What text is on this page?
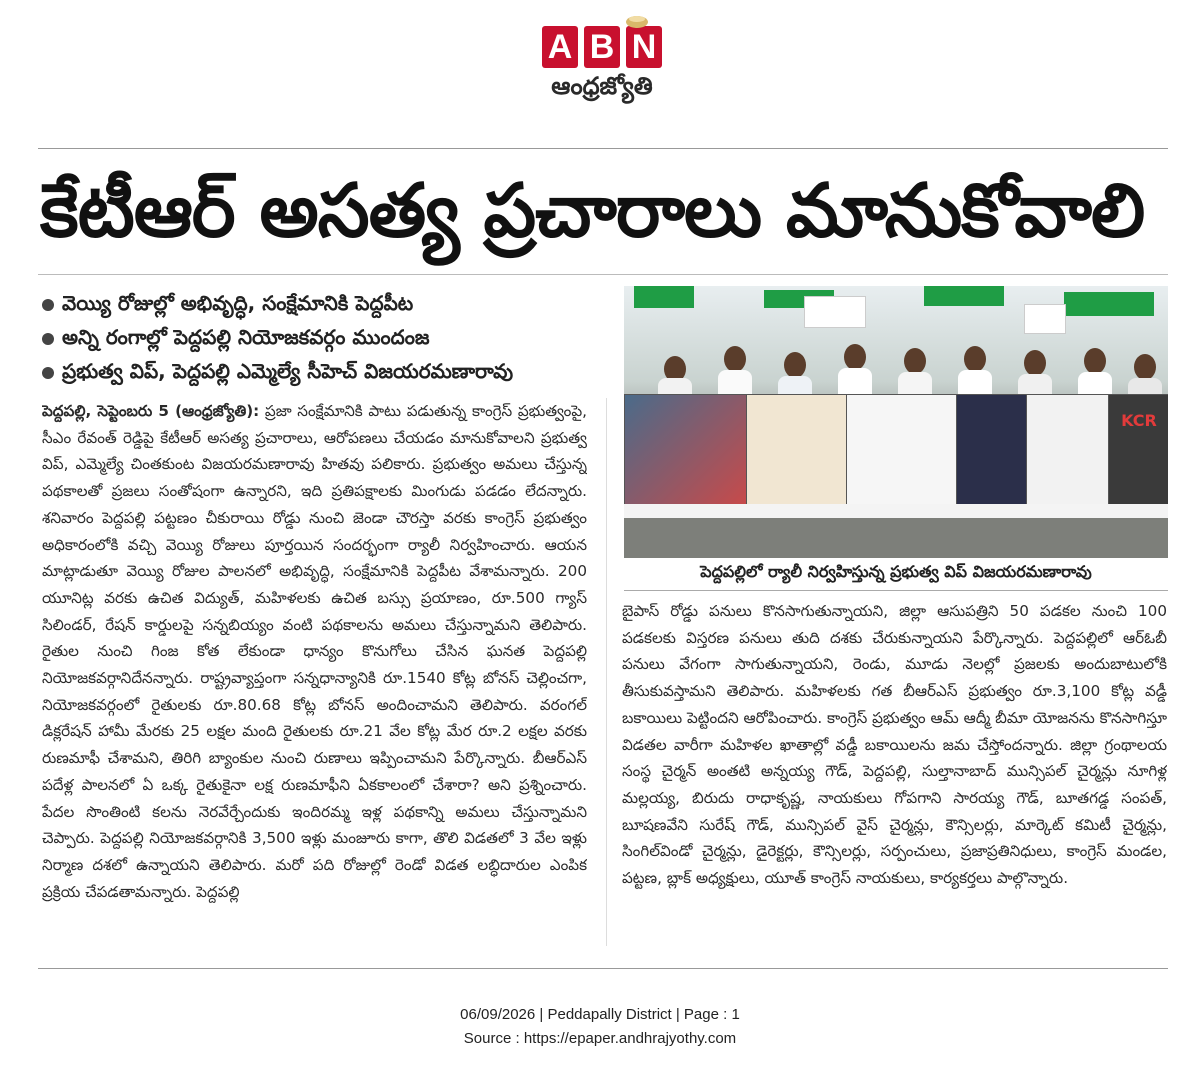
A B N
ఆంధ్రజ్యోతి
కేటీఆర్ అసత్య ప్రచారాలు మానుకోవాలి
వెయ్యి రోజుల్లో అభివృద్ధి, సంక్షేమానికి పెద్దపీట
అన్ని రంగాల్లో పెద్దపల్లి నియోజకవర్గం ముందంజ
ప్రభుత్వ విప్, పెద్దపల్లి ఎమ్మెల్యే సీహెచ్ విజయరమణారావు

పెద్దపల్లి, సెప్టెంబరు 5 (ఆంధ్రజ్యోతి): ప్రజా సంక్షేమానికి పాటు పడుతున్న కాంగ్రెస్ ప్రభుత్వంపై, సీఎం రేవంత్ రెడ్డిపై కేటీఆర్ అసత్య ప్రచారాలు, ఆరోపణలు చేయడం మానుకోవాలని ప్రభుత్వ విప్, ఎమ్మెల్యే చింతకుంట విజయరమణారావు హితవు పలికారు. ప్రభుత్వం అమలు చేస్తున్న పథకాలతో ప్రజలు సంతోషంగా ఉన్నారని, ఇది ప్రతిపక్షాలకు మింగుడు పడడం లేదన్నారు. శనివారం పెద్దపల్లి పట్టణం చీకురాయి రోడ్డు నుంచి జెండా చౌరస్తా వరకు కాంగ్రెస్ ప్రభుత్వం అధికారంలోకి వచ్చి వెయ్యి రోజులు పూర్తయిన సందర్భంగా ర్యాలీ నిర్వహించారు. ఆయన మాట్లాడుతూ వెయ్యి రోజుల పాలనలో అభివృద్ధి, సంక్షేమానికి పెద్దపీట వేశామన్నారు. 200 యూనిట్ల వరకు ఉచిత విద్యుత్, మహిళలకు ఉచిత బస్సు ప్రయాణం, రూ.500 గ్యాస్ సిలిండర్, రేషన్ కార్డులపై సన్నబియ్యం వంటి పథకాలను అమలు చేస్తున్నామని తెలిపారు. రైతుల నుంచి గింజ కోత లేకుండా ధాన్యం కొనుగోలు చేసిన ఘనత పెద్దపల్లి నియోజకవర్గానిదేనన్నారు. రాష్ట్రవ్యాప్తంగా సన్నధాన్యానికి రూ.1540 కోట్ల బోనస్ చెల్లించగా, నియోజకవర్గంలో రైతులకు రూ.80.68 కోట్ల బోనస్ అందించామని తెలిపారు. వరంగల్ డిక్లరేషన్ హామీ మేరకు 25 లక్షల మంది రైతులకు రూ.21 వేల కోట్ల మేర రూ.2 లక్షల వరకు రుణమాఫీ చేశామని, తిరిగి బ్యాంకుల నుంచి రుణాలు ఇప్పించామని పేర్కొన్నారు. బీఆర్ఎస్ పదేళ్ల పాలనలో ఏ ఒక్క రైతుకైనా లక్ష రుణమాఫీని ఏకకాలంలో చేశారా? అని ప్రశ్నించారు. పేదల సొంతింటి కలను నెరవేర్చేందుకు ఇందిరమ్మ ఇళ్ల పథకాన్ని అమలు చేస్తున్నామని చెప్పారు. పెద్దపల్లి నియోజకవర్గానికి 3,500 ఇళ్లు మంజూరు కాగా, తొలి విడతలో 3 వేల ఇళ్లు నిర్మాణ దశలో ఉన్నాయని తెలిపారు. మరో పది రోజుల్లో రెండో విడత లబ్ధిదారుల ఎంపిక ప్రక్రియ చేపడతామన్నారు. పెద్దపల్లి

KCR
పెద్దపల్లిలో ర్యాలీ నిర్వహిస్తున్న ప్రభుత్వ విప్ విజయరమణారావు

బైపాస్ రోడ్డు పనులు కొనసాగుతున్నాయని, జిల్లా ఆసుపత్రిని 50 పడకల నుంచి 100 పడకలకు విస్తరణ పనులు తుది దశకు చేరుకున్నాయని పేర్కొన్నారు. పెద్దపల్లిలో ఆర్ఓబీ పనులు వేగంగా సాగుతున్నాయని, రెండు, మూడు నెలల్లో ప్రజలకు అందుబాటులోకి తీసుకువస్తామని తెలిపారు. మహిళలకు గత బీఆర్ఎస్ ప్రభుత్వం రూ.3,100 కోట్ల వడ్డీ బకాయిలు పెట్టిందని ఆరోపించారు. కాంగ్రెస్ ప్రభుత్వం ఆమ్ ఆద్మీ బీమా యోజనను కొనసాగిస్తూ విడతల వారీగా మహిళల ఖాతాల్లో వడ్డీ బకాయిలను జమ చేస్తోందన్నారు. జిల్లా గ్రంథాలయ సంస్థ చైర్మన్ అంతటి అన్నయ్య గౌడ్, పెద్దపల్లి, సుల్తానాబాద్ మున్సిపల్ చైర్మన్లు నూగిళ్ల మల్లయ్య, బిరుదు రాధాకృష్ణ, నాయకులు గోపగాని సారయ్య గౌడ్, బూతగడ్డ సంపత్, బూషణవేని సురేష్ గౌడ్, మున్సిపల్ వైస్ చైర్మన్లు, కౌన్సిలర్లు, మార్కెట్ కమిటీ చైర్మన్లు, సింగిల్‌విండో చైర్మన్లు, డైరెక్టర్లు, కౌన్సిలర్లు, సర్పంచులు, ప్రజాప్రతినిధులు, కాంగ్రెస్ మండల, పట్టణ, బ్లాక్ అధ్యక్షులు, యూత్ కాంగ్రెస్ నాయకులు, కార్యకర్తలు పాల్గొన్నారు.

06/09/2026 | Peddapally District | Page : 1
Source : https://epaper.andhrajyothy.com
